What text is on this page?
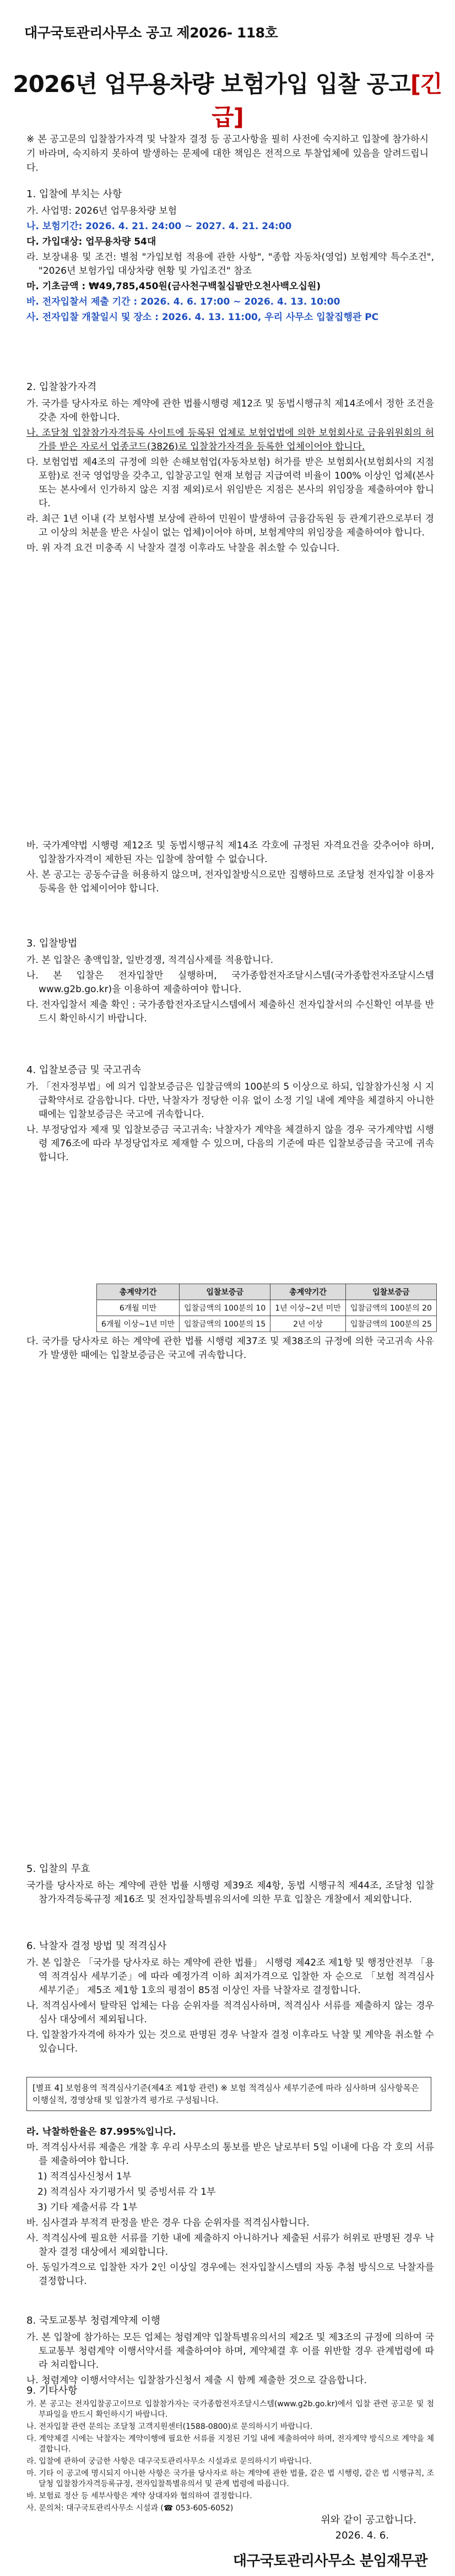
대구국토관리사무소 공고 제2026- 118호
2026년 업무용차량 보험가입 입찰 공고[긴급]
※ 본 공고문의 입찰참가자격 및 낙찰자 결정 등 공고사항을 필히 사전에 숙지하고 입찰에 참가하시기 바라며, 숙지하지 못하여 발생하는 문제에 대한 책임은 전적으로 투찰업체에 있음을 알려드립니다.
1. 입찰에 부치는 사항
가. 사업명: 2026년 업무용차량 보험
나. 보험기간: 2026. 4. 21. 24:00 ~ 2027. 4. 21. 24:00
다. 가입대상: 업무용차량 54대
라. 보장내용 및 조건: 별첨 "가입보험 적용에 관한 사항", "종합 자동차(영업) 보험계약 특수조건", "2026년 보험가입 대상차량 현황 및 가입조건" 참조
마. 기초금액 : ₩49,785,450원(금사천구백칠십팔만오천사백오십원)
바. 전자입찰서 제출 기간 : 2026. 4. 6. 17:00 ~ 2026. 4. 13. 10:00
사. 전자입찰 개찰일시 및 장소 : 2026. 4. 13. 11:00, 우리 사무소 입찰집행관 PC
2. 입찰참가자격
가. 국가를 당사자로 하는 계약에 관한 법률시행령 제12조 및 동법시행규칙 제14조에서 정한 조건을 갖춘 자에 한합니다.
나. 조달청 입찰참가자격등록 사이트에 등록된 업체로 보험업법에 의한 보험회사로 금융위원회의 허가를 받은 자로서 업종코드(3826)로 입찰참가자격을 등록한 업체이어야 합니다.
다. 보험업법 제4조의 규정에 의한 손해보험업(자동차보험) 허가를 받은 보험회사(보험회사의 지점 포함)로 전국 영업망을 갖추고, 입찰공고일 현재 보험금 지급여력 비율이 100% 이상인 업체(본사 또는 본사에서 인가하지 않은 지점 제외)로서 위임받은 지점은 본사의 위임장을 제출하여야 합니다.
라. 최근 1년 이내 (각 보험사별 보상에 관하여 민원이 발생하여 금융감독원 등 관계기관으로부터 경고 이상의 처분을 받은 사실이 없는 업체)이어야 하며, 보험계약의 위임장을 제출하여야 합니다.
마. 위 자격 요건 미충족 시 낙찰자 결정 이후라도 낙찰을 취소할 수 있습니다.
바. 국가계약법 시행령 제12조 및 동법시행규칙 제14조 각호에 규정된 자격요건을 갖추어야 하며, 입찰참가자격이 제한된 자는 입찰에 참여할 수 없습니다.
사. 본 공고는 공동수급을 허용하지 않으며, 전자입찰방식으로만 집행하므로 조달청 전자입찰 이용자 등록을 한 업체이어야 합니다.
3. 입찰방법
가. 본 입찰은 총액입찰, 일반경쟁, 적격심사제를 적용합니다.
나. 본 입찰은 전자입찰만 실행하며, 국가종합전자조달시스템(국가종합전자조달시스템 www.g2b.go.kr)을 이용하여 제출하여야 합니다.
다. 전자입찰서 제출 확인 : 국가종합전자조달시스템에서 제출하신 전자입찰서의 수신확인 여부를 반드시 확인하시기 바랍니다.
4. 입찰보증금 및 국고귀속
가. 「전자정부법」에 의거 입찰보증금은 입찰금액의 100분의 5 이상으로 하되, 입찰참가신청 시 지급확약서로 갈음합니다. 다만, 낙찰자가 정당한 이유 없이 소정 기일 내에 계약을 체결하지 아니한 때에는 입찰보증금은 국고에 귀속합니다.
나. 부정당업자 제재 및 입찰보증금 국고귀속: 낙찰자가 계약을 체결하지 않을 경우 국가계약법 시행령 제76조에 따라 부정당업자로 제재할 수 있으며, 다음의 기준에 따른 입찰보증금을 국고에 귀속합니다.
총계약기간	입찰보증금	총계약기간	입찰보증금
6개월 미만	입찰금액의 100분의 10	1년 이상~2년 미만	입찰금액의 100분의 20
6개월 이상~1년 미만	입찰금액의 100분의 15	2년 이상	입찰금액의 100분의 25
다. 국가를 당사자로 하는 계약에 관한 법률 시행령 제37조 및 제38조의 규정에 의한 국고귀속 사유가 발생한 때에는 입찰보증금은 국고에 귀속합니다.
5. 입찰의 무효
국가를 당사자로 하는 계약에 관한 법률 시행령 제39조 제4항, 동법 시행규칙 제44조, 조달청 입찰참가자격등록규정 제16조 및 전자입찰특별유의서에 의한 무효 입찰은 개찰에서 제외합니다.
6. 낙찰자 결정 방법 및 적격심사
가. 본 입찰은 「국가를 당사자로 하는 계약에 관한 법률」 시행령 제42조 제1항 및 행정안전부 「용역 적격심사 세부기준」에 따라 예정가격 이하 최저가격으로 입찰한 자 순으로 「보험 적격심사 세부기준」 제5조 제1항 1호의 평점이 85점 이상인 자를 낙찰자로 결정합니다.
나. 적격심사에서 탈락된 업체는 다음 순위자를 적격심사하며, 적격심사 서류를 제출하지 않는 경우 심사 대상에서 제외됩니다.
다. 입찰참가자격에 하자가 있는 것으로 판명된 경우 낙찰자 결정 이후라도 낙찰 및 계약을 취소할 수 있습니다.
[별표 4] 보험용역 적격심사기준(제4조 제1항 관련) ※ 보험 적격심사 세부기준에 따라 심사하며 심사항목은 이행실적, 경영상태 및 입찰가격 평가로 구성됩니다.
라. 낙찰하한율은 87.995%입니다.
마. 적격심사서류 제출은 개찰 후 우리 사무소의 통보를 받은 날로부터 5일 이내에 다음 각 호의 서류를 제출하여야 합니다.
1) 적격심사신청서 1부
2) 적격심사 자기평가서 및 증빙서류 각 1부
3) 기타 제출서류 각 1부
바. 심사결과 부적격 판정을 받은 경우 다음 순위자를 적격심사합니다.
사. 적격심사에 필요한 서류를 기한 내에 제출하지 아니하거나 제출된 서류가 허위로 판명된 경우 낙찰자 결정 대상에서 제외합니다.
아. 동일가격으로 입찰한 자가 2인 이상일 경우에는 전자입찰시스템의 자동 추첨 방식으로 낙찰자를 결정합니다.
8. 국토교통부 청렴계약제 이행
가. 본 입찰에 참가하는 모든 업체는 청렴계약 입찰특별유의서의 제2조 및 제3조의 규정에 의하여 국토교통부 청렴계약 이행서약서를 제출하여야 하며, 계약체결 후 이를 위반할 경우 관계법령에 따라 처리합니다.
나. 청렴계약 이행서약서는 입찰참가신청서 제출 시 함께 제출한 것으로 갈음합니다.
9. 기타사항
가. 본 공고는 전자입찰공고이므로 입찰참가자는 국가종합전자조달시스템(www.g2b.go.kr)에서 입찰 관련 공고문 및 첨부파일을 반드시 확인하시기 바랍니다.
나. 전자입찰 관련 문의는 조달청 고객지원센터(1588-0800)로 문의하시기 바랍니다.
다. 계약체결 시에는 낙찰자는 계약이행에 필요한 서류를 지정된 기일 내에 제출하여야 하며, 전자계약 방식으로 계약을 체결합니다.
라. 입찰에 관하여 궁금한 사항은 대구국토관리사무소 시설과로 문의하시기 바랍니다.
마. 기타 이 공고에 명시되지 아니한 사항은 국가를 당사자로 하는 계약에 관한 법률, 같은 법 시행령, 같은 법 시행규칙, 조달청 입찰참가자격등록규정, 전자입찰특별유의서 및 관계 법령에 따릅니다.
바. 보험료 정산 등 세부사항은 계약 상대자와 협의하여 결정합니다.
사. 문의처: 대구국토관리사무소 시설과 (☎ 053-605-6052)
위와 같이 공고합니다.
2026. 4. 6.
대구국토관리사무소 분임재무관
